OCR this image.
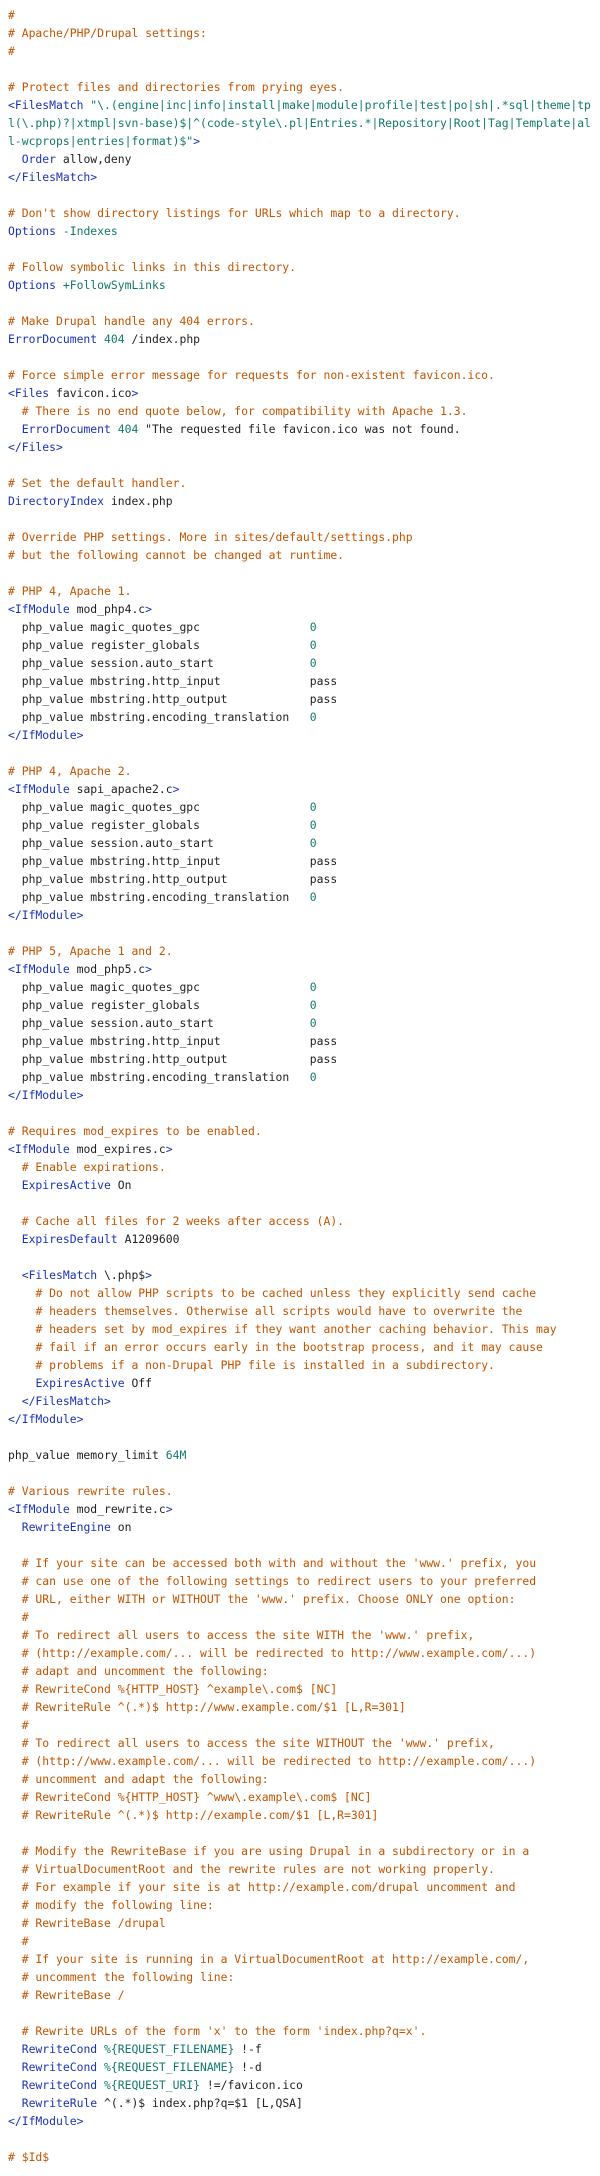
#
# Apache/PHP/Drupal settings:
#
# Protect files and directories from prying eyes.
<FilesMatch "\.(engine|inc|info|install|make|module|profile|test|po|sh|.*sql|theme|tpl(\.php)?|xtmpl|svn-base)$|^(code-style\.pl|Entries.*|Repository|Root|Tag|Template|all-wcprops|entries|format)$">
Order allow,deny
</FilesMatch>
# Don't show directory listings for URLs which map to a directory.
Options -Indexes
# Follow symbolic links in this directory.
Options +FollowSymLinks
# Make Drupal handle any 404 errors.
ErrorDocument 404 /index.php
# Force simple error message for requests for non-existent favicon.ico.
<Files favicon.ico>
# There is no end quote below, for compatibility with Apache 1.3.
ErrorDocument 404 "The requested file favicon.ico was not found.
</Files>
# Set the default handler.
DirectoryIndex index.php
# Override PHP settings. More in sites/default/settings.php
# but the following cannot be changed at runtime.
# PHP 4, Apache 1.
<IfModule mod_php4.c>
php_value magic_quotes_gpc                0
php_value register_globals                0
php_value session.auto_start              0
php_value mbstring.http_input             pass
php_value mbstring.http_output            pass
php_value mbstring.encoding_translation   0
</IfModule>
# PHP 4, Apache 2.
<IfModule sapi_apache2.c>
php_value magic_quotes_gpc                0
php_value register_globals                0
php_value session.auto_start              0
php_value mbstring.http_input             pass
php_value mbstring.http_output            pass
php_value mbstring.encoding_translation   0
</IfModule>
# PHP 5, Apache 1 and 2.
<IfModule mod_php5.c>
php_value magic_quotes_gpc                0
php_value register_globals                0
php_value session.auto_start              0
php_value mbstring.http_input             pass
php_value mbstring.http_output            pass
php_value mbstring.encoding_translation   0
</IfModule>
# Requires mod_expires to be enabled.
<IfModule mod_expires.c>
# Enable expirations.
ExpiresActive On
# Cache all files for 2 weeks after access (A).
ExpiresDefault A1209600
<FilesMatch \.php$>
# Do not allow PHP scripts to be cached unless they explicitly send cache
# headers themselves. Otherwise all scripts would have to overwrite the
# headers set by mod_expires if they want another caching behavior. This may
# fail if an error occurs early in the bootstrap process, and it may cause
# problems if a non-Drupal PHP file is installed in a subdirectory.
ExpiresActive Off
</FilesMatch>
</IfModule>
php_value memory_limit 64M
# Various rewrite rules.
<IfModule mod_rewrite.c>
RewriteEngine on
# If your site can be accessed both with and without the 'www.' prefix, you
# can use one of the following settings to redirect users to your preferred
# URL, either WITH or WITHOUT the 'www.' prefix. Choose ONLY one option:
#
# To redirect all users to access the site WITH the 'www.' prefix,
# (http://example.com/... will be redirected to http://www.example.com/...)
# adapt and uncomment the following:
# RewriteCond %{HTTP_HOST} ^example\.com$ [NC]
# RewriteRule ^(.*)$ http://www.example.com/$1 [L,R=301]
#
# To redirect all users to access the site WITHOUT the 'www.' prefix,
# (http://www.example.com/... will be redirected to http://example.com/...)
# uncomment and adapt the following:
# RewriteCond %{HTTP_HOST} ^www\.example\.com$ [NC]
# RewriteRule ^(.*)$ http://example.com/$1 [L,R=301]
# Modify the RewriteBase if you are using Drupal in a subdirectory or in a
# VirtualDocumentRoot and the rewrite rules are not working properly.
# For example if your site is at http://example.com/drupal uncomment and
# modify the following line:
# RewriteBase /drupal
#
# If your site is running in a VirtualDocumentRoot at http://example.com/,
# uncomment the following line:
# RewriteBase /
# Rewrite URLs of the form 'x' to the form 'index.php?q=x'.
RewriteCond %{REQUEST_FILENAME} !-f
RewriteCond %{REQUEST_FILENAME} !-d
RewriteCond %{REQUEST_URI} !=/favicon.ico
RewriteRule ^(.*)$ index.php?q=$1 [L,QSA]
</IfModule>
# $Id$
